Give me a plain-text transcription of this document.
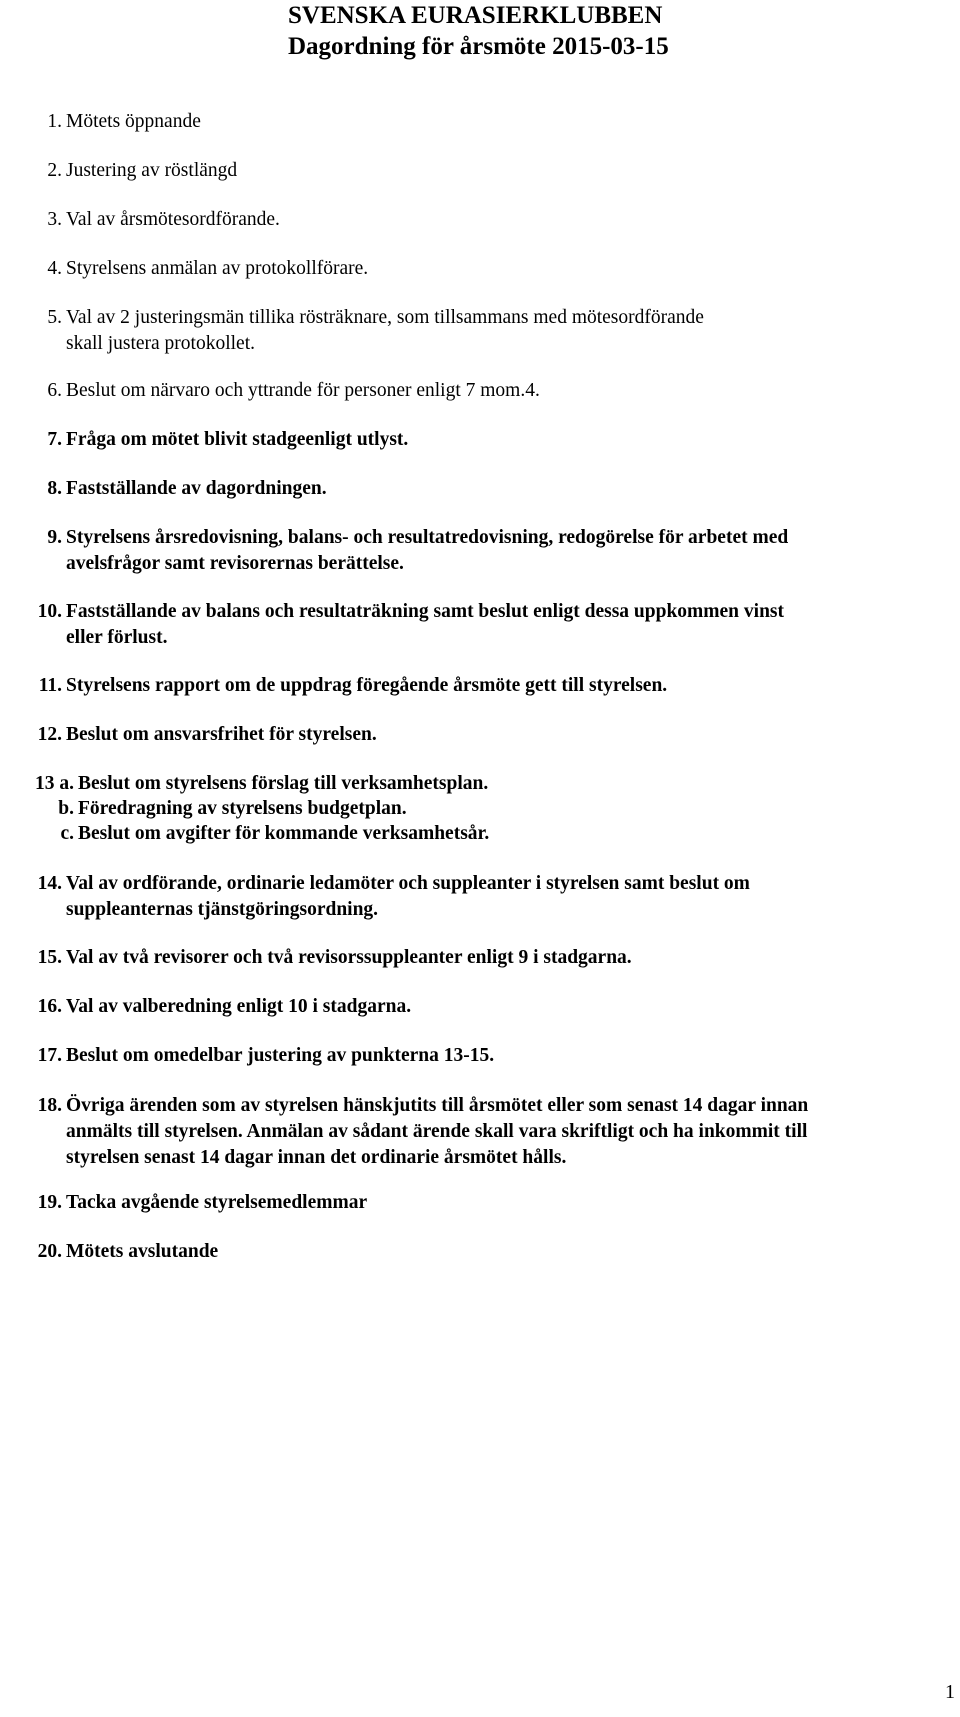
SVENSKA EURASIERKLUBBEN
Dagordning för årsmöte 2015-03-15
1. Mötets öppnande
2. Justering av röstlängd
3. Val av årsmötesordförande.
4. Styrelsens anmälan av protokollförare.
5. Val av 2 justeringsmän tillika rösträknare, som tillsammans med mötesordförande
skall justera protokollet.
6. Beslut om närvaro och yttrande för personer enligt 7 mom.4.
7. Fråga om mötet blivit stadgeenligt utlyst.
8. Fastställande av dagordningen.
9. Styrelsens årsredovisning, balans- och resultatredovisning, redogörelse för arbetet med
avelsfrågor samt revisorernas berättelse.
10. Fastställande av balans och resultaträkning samt beslut enligt dessa uppkommen vinst
eller förlust.
11. Styrelsens rapport om de uppdrag föregående årsmöte gett till styrelsen.
12. Beslut om ansvarsfrihet för styrelsen.
13 a. Beslut om styrelsens förslag till verksamhetsplan.
b. Föredragning av styrelsens budgetplan.
c. Beslut om avgifter för kommande verksamhetsår.
14. Val av ordförande, ordinarie ledamöter och suppleanter i styrelsen samt beslut om
suppleanternas tjänstgöringsordning.
15. Val av två revisorer och två revisorssuppleanter enligt 9 i stadgarna.
16. Val av valberedning enligt 10 i stadgarna.
17. Beslut om omedelbar justering av punkterna 13-15.
18. Övriga ärenden som av styrelsen hänskjutits till årsmötet eller som senast 14 dagar innan
anmälts till styrelsen. Anmälan av sådant ärende skall vara skriftligt och ha inkommit till
styrelsen senast 14 dagar innan det ordinarie årsmötet hålls.
19. Tacka avgående styrelsemedlemmar
20. Mötets avslutande
1
